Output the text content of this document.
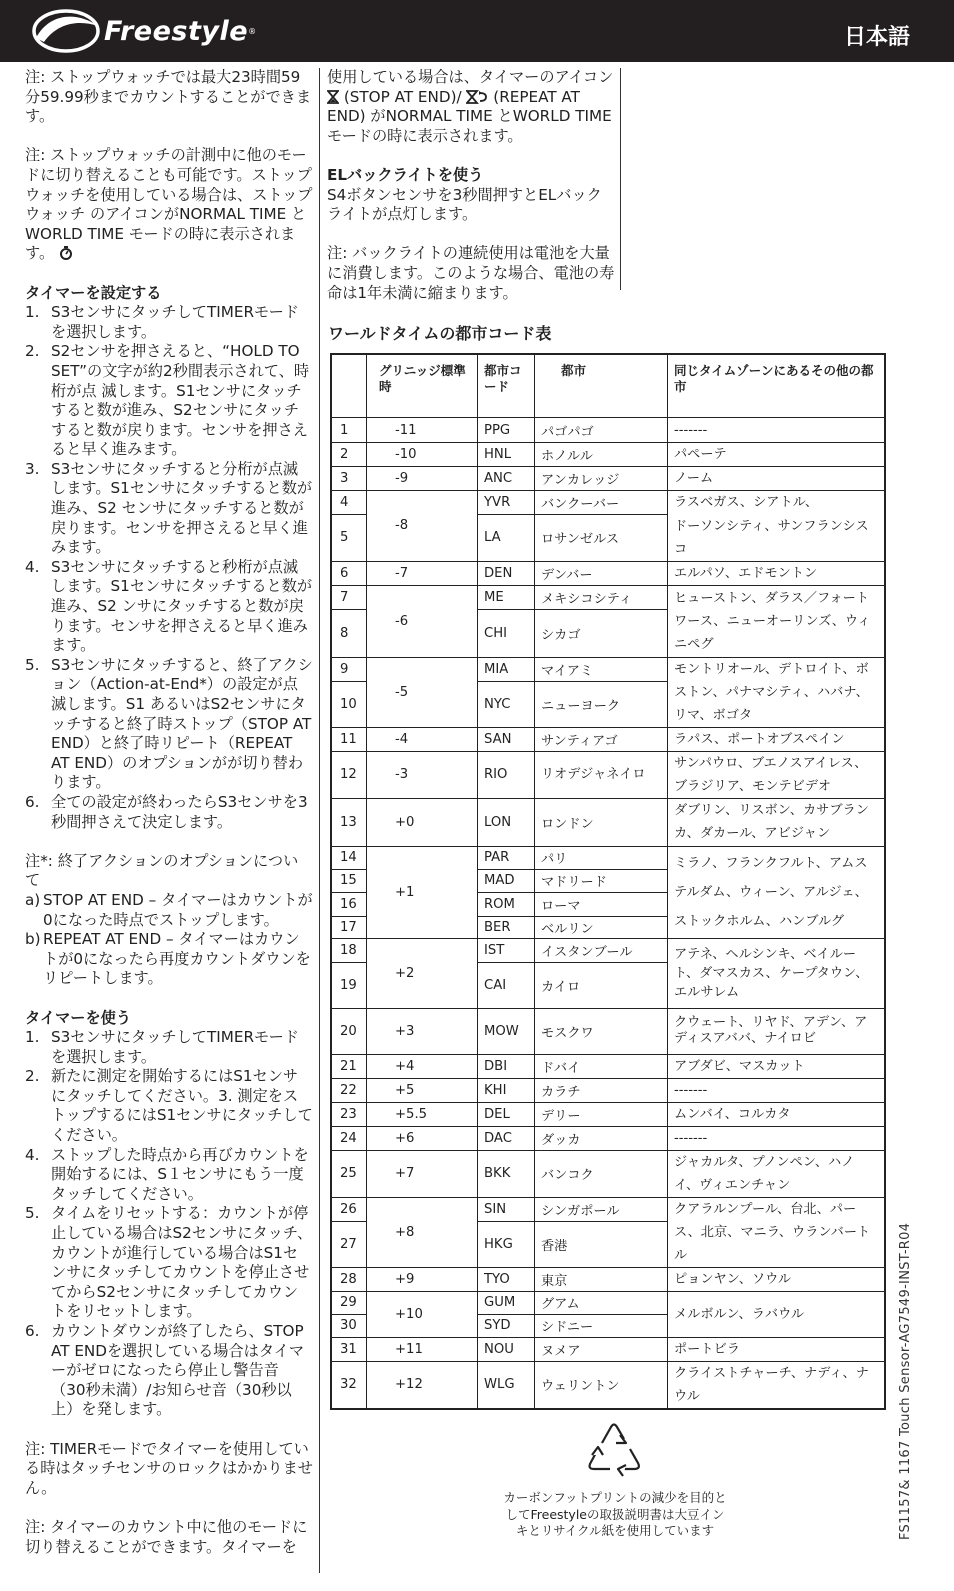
Freestyle ®	日本語

注: ストップウォッチでは最大23時間59分59.99秒までカウントすることができます。

注: ストップウォッチの計測中に他のモードに切り替えることも可能です。ストップウォッチを使用している場合は、ストップウォッチ のアイコンがNORMAL TIME とWORLD TIME モードの時に表示されます。

タイマーを設定する

1. S3センサにタッチしてTIMERモードを選択します。
2. S2センサを押さえると、“HOLD TO SET”の文字が約2秒間表示されて、時桁が点 滅します。S1センサにタッチすると数が進み、S2センサにタッチすると数が戻ります。センサを押さえると早く進みます。
3. S3センサにタッチすると分桁が点滅します。S1センサにタッチすると数が進み、S2 センサにタッチすると数が戻ります。センサを押さえると早く進みます。
4. S3センサにタッチすると秒桁が点滅します。S1センサにタッチすると数が進み、S2 ンサにタッチすると数が戻ります。センサを押さえると早く進みます。
5. S3センサにタッチすると、終了アクション（Action-at-End*）の設定が点滅します。S1 あるいはS2センサにタッチすると終了時ストップ（STOP AT END）と終了時リピート（REPEAT AT END）のオプションがが切り替わります。
6. 全ての設定が終わったらS3センサを3秒間押さえて決定します。

注*: 終了アクションのオプションについて

a) STOP AT END – タイマーはカウントが0になった時点でストップします。
b) REPEAT AT END – タイマーはカウントが0になったら再度カウントダウンをリピートします。

タイマーを使う

1. S3センサにタッチしてTIMERモードを選択します。
2. 新たに測定を開始するにはS1センサにタッチしてください。3. 測定をストップするにはS1センサにタッチしてください。
4. ストップした時点から再びカウントを開始するには、S１センサにもう一度タッチしてください。
5. タイムをリセットする：カウントが停止している場合はS2センサにタッチ、カウントが進行している場合はS1センサにタッチしてカウントを停止させてからS2センサにタッチしてカウントをリセットします。
6. カウントダウンが終了したら、STOP AT ENDを選択している場合はタイマーがゼロになったら停止し警告音（30秒未満）/お知らせ音（30秒以上）を発します。

注: TIMERモードでタイマーを使用している時はタッチセンサのロックはかかりません。

注: タイマーのカウント中に他のモードに切り替えることができます。タイマーを

使用している場合は、タイマーのアイコン  (STOP AT END)/ (REPEAT AT END) がNORMAL TIME とWORLD TIME モードの時に表示されます。

ELバックライトを使う

S4ボタンセンサを3秒間押すとELバックライトが点灯します。

注: バックライトの連続使用は電池を大量に消費します。このような場合、電池の寿命は1年未満に縮まります。

ワールドタイムの都市コード表
	グリニッジ標準時	都市コード	都市	同じタイムゾーンにあるその他の都市
1	-11	PPG	パゴパゴ	-------
2	-10	HNL	ホノルル	パペーテ
3	-9	ANC	アンカレッジ	ノーム
4	-8	YVR	バンクーバー	ラスベガス、シアトル、
5		LA	ロサンゼルス	ドーソンシティ、サンフランシスコ
6	-7	DEN	デンバー	エルパソ、エドモントン
7	-6	ME	メキシコシティ	ヒューストン、ダラス／フォートワース、ニューオーリンズ、ウィニペグ
8		CHI	シカゴ	
9	-5	MIA	マイアミ	モントリオール、デトロイト、ボストン、パナマシティ、ハバナ、リマ、ボゴタ
10		NYC	ニューヨーク	
11	-4	SAN	サンティアゴ	ラパス、ポートオブスペイン
12	-3	RIO	リオデジャネイロ	サンパウロ、ブエノスアイレス、ブラジリア、モンテビデオ
13	+0	LON	ロンドン	ダブリン、リスボン、カサブランカ、ダカール、アビジャン
14	+1	PAR	パリ	ミラノ、フランクフルト、アムステルダム、ウィーン、アルジェ、ストックホルム、ハンブルグ
15		MAD	マドリード	
16		ROM	ローマ	
17		BER	ベルリン	
18	+2	IST	イスタンブール	アテネ、ヘルシンキ、ベイルート、ダマスカス、ケープタウン、エルサレム
19		CAI	カイロ	
20	+3	MOW	モスクワ	クウェート、リヤド、アデン、アディスアババ、ナイロビ
21	+4	DBI	ドバイ	アブダビ、マスカット
22	+5	KHI	カラチ	-------
23	+5.5	DEL	デリー	ムンバイ、コルカタ
24	+6	DAC	ダッカ	-------
25	+7	BKK	バンコク	ジャカルタ、プノンペン、ハノイ、ヴィエンチャン
26	+8	SIN	シンガポール	クアラルンプール、台北、パース、北京、マニラ、ウランバートル
27		HKG	香港	
28	+9	TYO	東京	ピョンヤン、ソウル
29	+10	GUM	グアム	メルボルン、ラバウル
30		SYD	シドニー	
31	+11	NOU	ヌメア	ポートビラ
32	+12	WLG	ウェリントン	クライストチャーチ、ナディ、ナウル
カーボンフットプリントの減少を目的としてFreestyleの取扱説明書は大豆インキとリサイクル紙を使用しています	FS1157& 1167 Touch Sensor-AG7549-INST-R04
